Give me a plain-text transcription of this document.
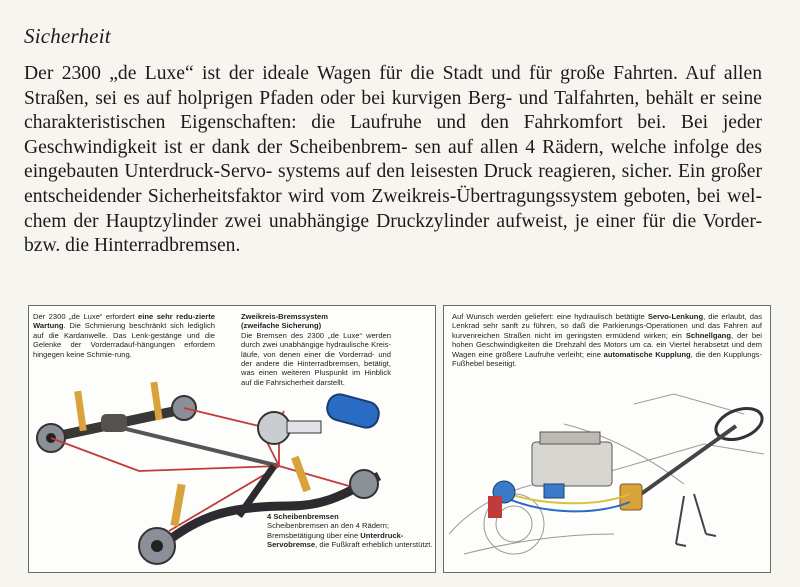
Sicherheit
Der 2300 „de Luxe“ ist der ideale Wagen für die Stadt und für große Fahrten. Auf allen Straßen, sei es auf holprigen Pfaden oder bei kurvigen Berg- und Talfahrten, behält er seine charakteristischen Eigenschaften: die Laufruhe und den Fahrkomfort bei. Bei jeder Geschwindigkeit ist er dank der Scheibenbrem- sen auf allen 4 Rädern, welche infolge des eingebauten Unterdruck-Servo- systems auf den leisesten Druck reagieren, sicher. Ein großer entscheidender Sicherheitsfaktor wird vom Zweikreis-Übertragungssystem geboten, bei wel- chem der Hauptzylinder zwei unabhängige Druckzylinder aufweist, je einer für die Vorder- bzw. die Hinterradbremsen.
Der 2300 „de Luxe“ erfordert eine sehr redu-zierte Wartung. Die Schmierung beschränkt sich lediglich auf die Kardanwelle. Das Lenk-gestänge und die Gelenke der Vorderradauf-hängungen erfordern hingegen keine Schmie-rung.
Zweikreis-Bremssystem
(zweifache Sicherung)
Die Bremsen des 2300 „de Luxe“ werden durch zwei unabhängige hydraulische Kreis-läufe, von denen einer die Vorderrad- und der andere die Hinterradbremsen, betätigt, was einen weiteren Pluspunkt im Hinblick auf die Fahrsicherheit darstellt.
4 Scheibenbremsen
Scheibenbremsen an den 4 Rädern; Bremsbetätigung über eine Unterdruck-Servobremse, die Fußkraft erheblich unterstützt.
Auf Wunsch werden geliefert: eine hydraulisch betätigte Servo-Lenkung, die erlaubt, das Lenkrad sehr sanft zu führen, so daß die Parkierungs-Operationen und das Fahren auf kurvenreichen Straßen nicht im geringsten ermüdend wirken; ein Schnellgang, der bei hohen Geschwindigkeiten die Drehzahl des Motors um ca. ein Viertel herabsetzt und dem Wagen eine größere Laufruhe verleiht; eine automatische Kupplung, die den Kupplungs-Fußhebel beseitigt.
